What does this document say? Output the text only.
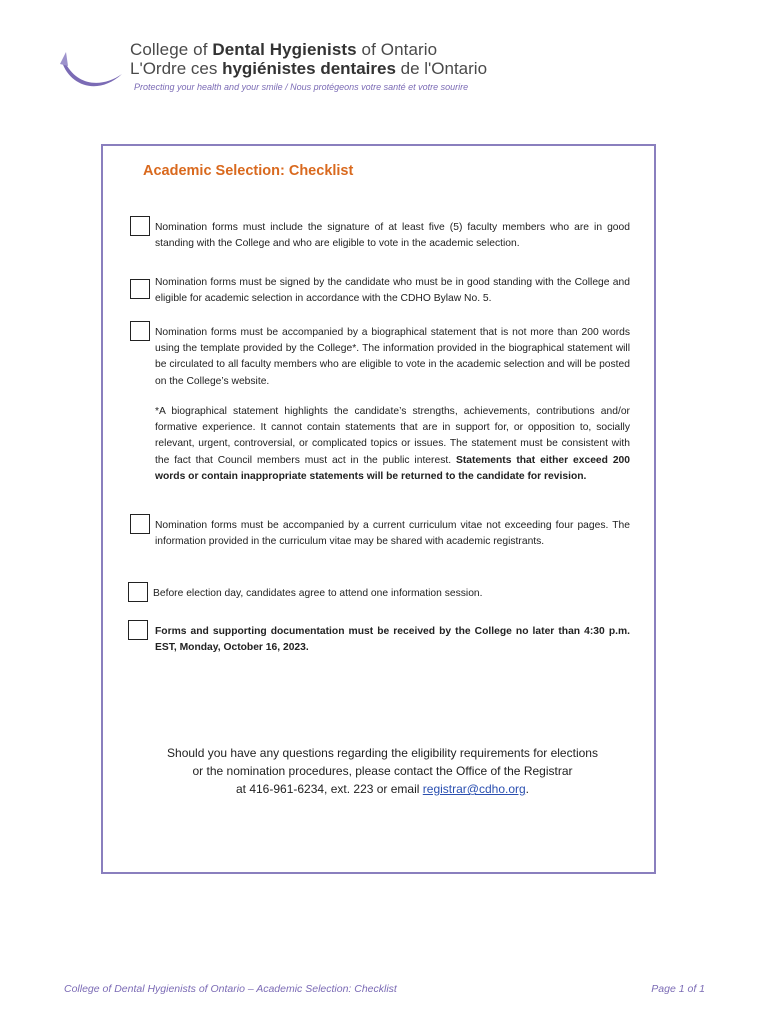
College of Dental Hygienists of Ontario
L'Ordre ces hygiénistes dentaires de l'Ontario
Protecting your health and your smile / Nous protégeons votre santé et votre sourire
Academic Selection: Checklist
Nomination forms must include the signature of at least five (5) faculty members who are in good standing with the College and who are eligible to vote in the academic selection.
Nomination forms must be signed by the candidate who must be in good standing with the College and eligible for academic selection in accordance with the CDHO Bylaw No. 5.
Nomination forms must be accompanied by a biographical statement that is not more than 200 words using the template provided by the College*. The information provided in the biographical statement will be circulated to all faculty members who are eligible to vote in the academic selection and will be posted on the College’s website.
*A biographical statement highlights the candidate’s strengths, achievements, contributions and/or formative experience. It cannot contain statements that are in support for, or opposition to, socially relevant, urgent, controversial, or complicated topics or issues. The statement must be consistent with the fact that Council members must act in the public interest. Statements that either exceed 200 words or contain inappropriate statements will be returned to the candidate for revision.
Nomination forms must be accompanied by a current curriculum vitae not exceeding four pages. The information provided in the curriculum vitae may be shared with academic registrants.
Before election day, candidates agree to attend one information session.
Forms and supporting documentation must be received by the College no later than 4:30 p.m. EST, Monday, October 16, 2023.
Should you have any questions regarding the eligibility requirements for elections
or the nomination procedures, please contact the Office of the Registrar
at 416-961-6234, ext. 223 or email registrar@cdho.org.
College of Dental Hygienists of Ontario – Academic Selection: Checklist	Page 1 of 1
